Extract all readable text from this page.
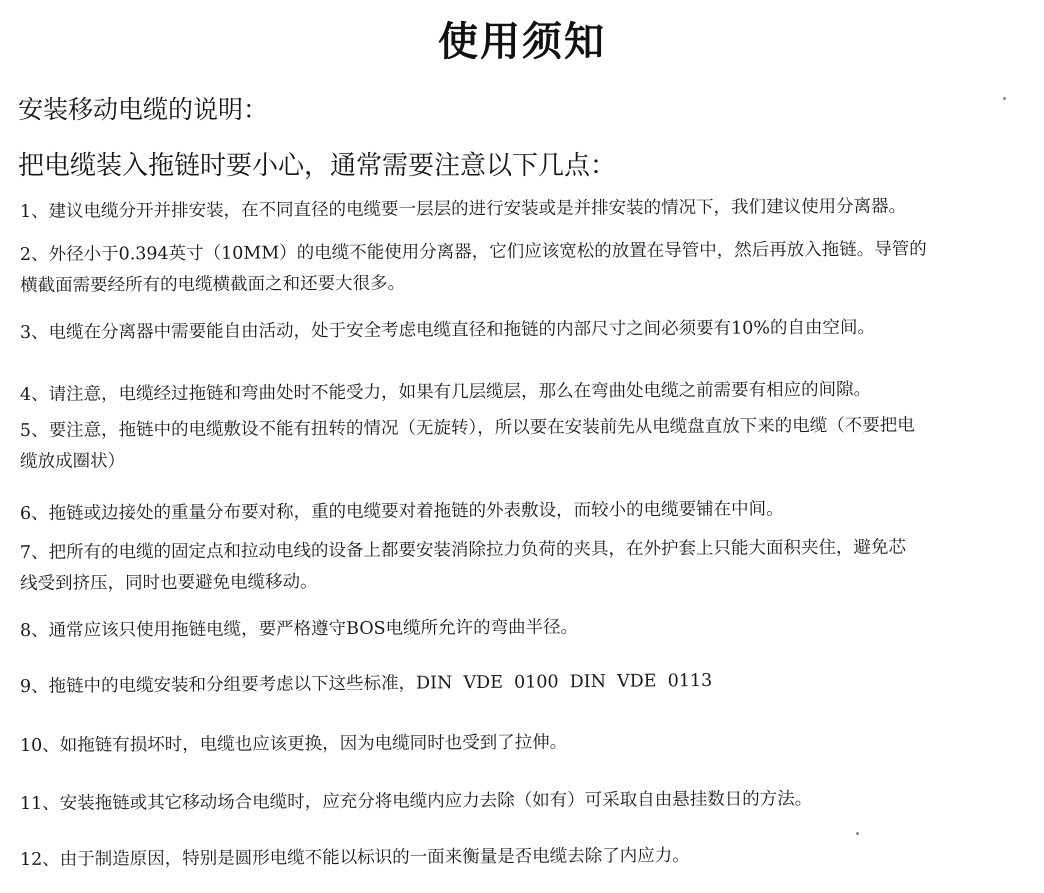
使用须知
安装移动电缆的说明：
把电缆装入拖链时要小心，通常需要注意以下几点：

1、建议电缆分开并排安装，在不同直径的电缆要一层层的进行安装或是并排安装的情况下，我们建议使用分离器。

2、外径小于0.394英寸（10MM）的电缆不能使用分离器，它们应该宽松的放置在导管中，然后再放入拖链。导管的
横截面需要经所有的电缆横截面之和还要大很多。

3、电缆在分离器中需要能自由活动，处于安全考虑电缆直径和拖链的内部尺寸之间必须要有10%的自由空间。

4、请注意，电缆经过拖链和弯曲处时不能受力，如果有几层缆层，那么在弯曲处电缆之前需要有相应的间隙。

5、要注意，拖链中的电缆敷设不能有扭转的情况（无旋转），所以要在安装前先从电缆盘直放下来的电缆（不要把电
缆放成圈状）

6、拖链或边接处的重量分布要对称，重的电缆要对着拖链的外表敷设，而较小的电缆要铺在中间。

7、把所有的电缆的固定点和拉动电线的设备上都要安装消除拉力负荷的夹具，在外护套上只能大面积夹住，避免芯
线受到挤压，同时也要避免电缆移动。

8、通常应该只使用拖链电缆，要严格遵守BOS电缆所允许的弯曲半径。

9、拖链中的电缆安装和分组要考虑以下这些标准，DIN  VDE  0100  DIN  VDE  0113

10、如拖链有损坏时，电缆也应该更换，因为电缆同时也受到了拉伸。

11、安装拖链或其它移动场合电缆时，应充分将电缆内应力去除（如有）可采取自由悬挂数日的方法。

12、由于制造原因，特别是圆形电缆不能以标识的一面来衡量是否电缆去除了内应力。
